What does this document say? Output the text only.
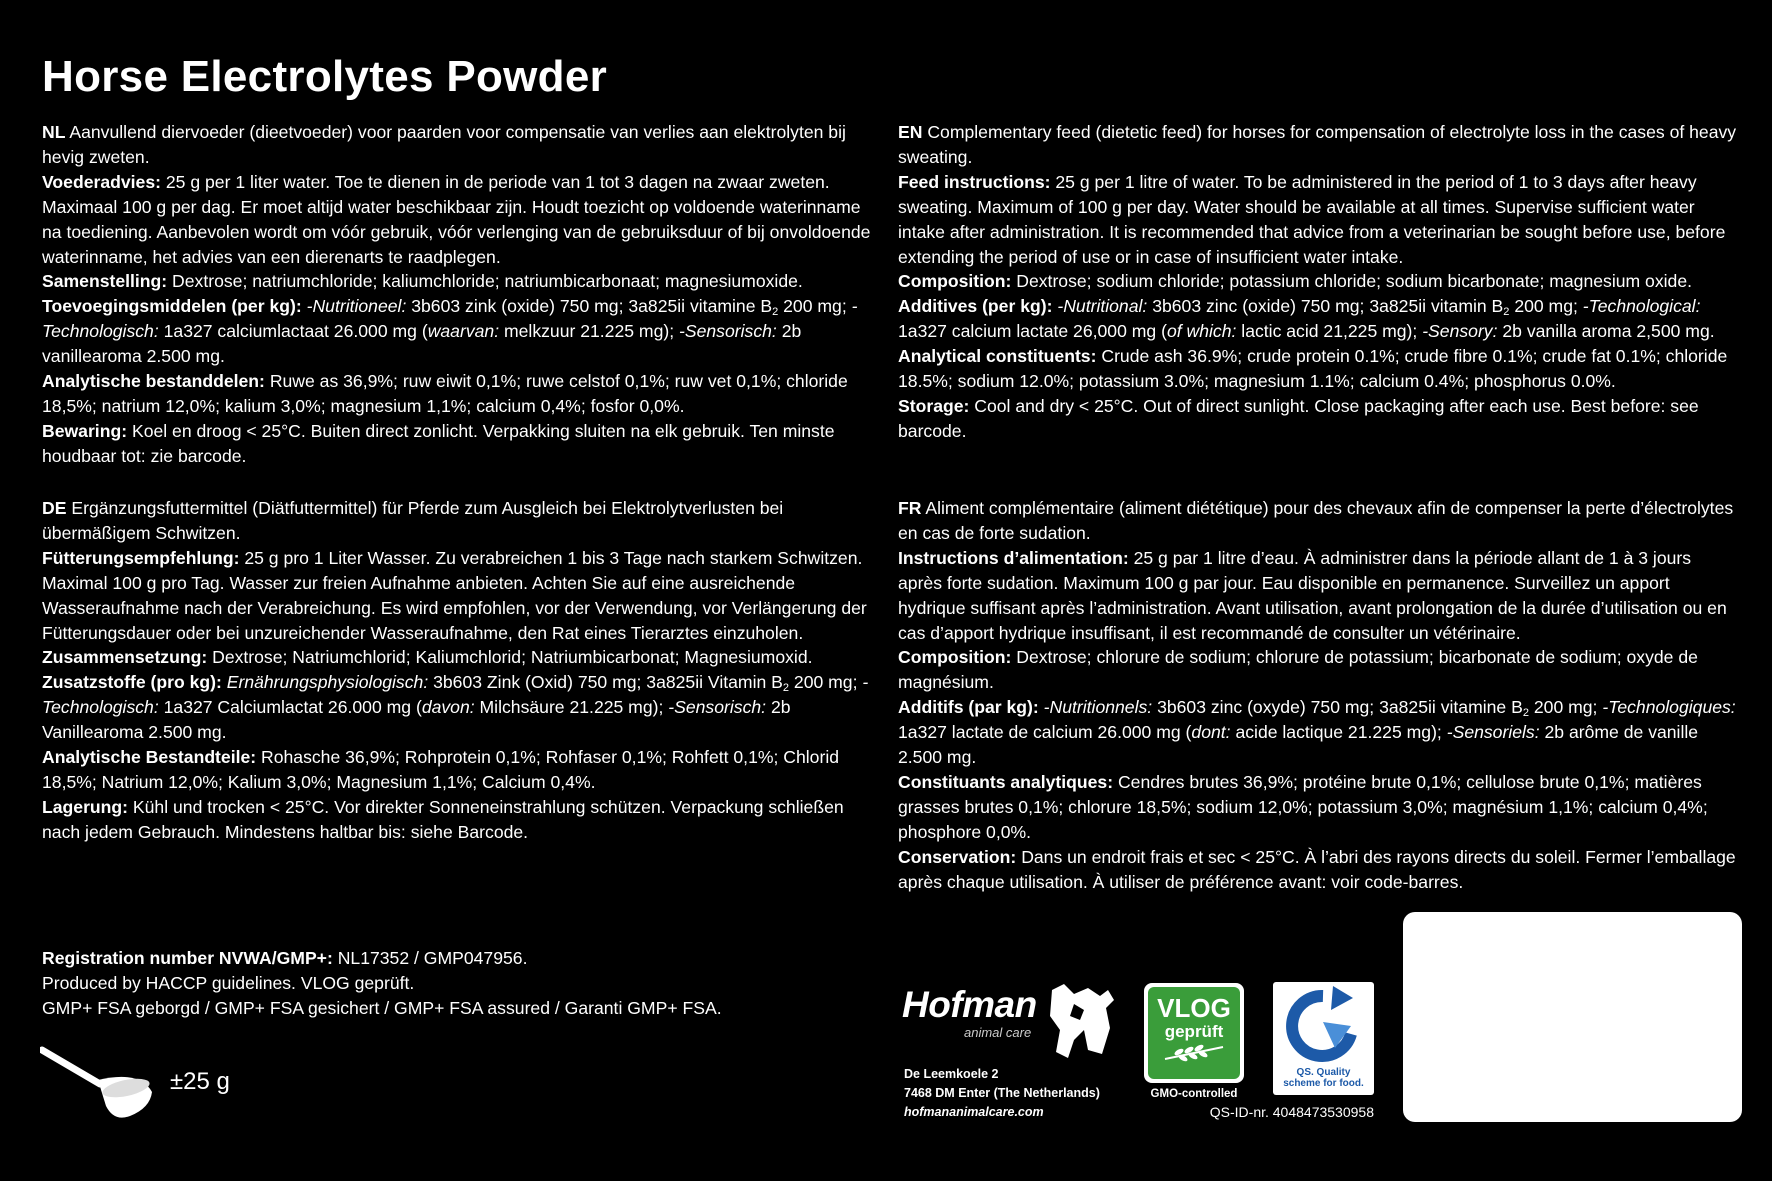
Horse Electrolytes Powder

NL Aanvullend diervoeder (dieetvoeder) voor paarden voor compensatie van verlies aan elektrolyten bij hevig zweten.

Voederadvies: 25 g per 1 liter water. Toe te dienen in de periode van 1 tot 3 dagen na zwaar zweten. Maximaal 100 g per dag. Er moet altijd water beschikbaar zijn. Houdt toezicht op voldoende waterinname na toediening. Aanbevolen wordt om vóór gebruik, vóór verlenging van de gebruiksduur of bij onvoldoende waterinname, het advies van een dierenarts te raadplegen.

Samenstelling: Dextrose; natriumchloride; kaliumchloride; natriumbicarbonaat; magnesiumoxide.

Toevoegingsmiddelen (per kg): -Nutritioneel: 3b603 zink (oxide) 750 mg; 3a825ii vitamine $B_2$ 200 mg; -Technologisch: 1a327 calciumlactaat 26.000 mg (waarvan: melkzuur 21.225 mg); -Sensorisch: 2b vanillearoma 2.500 mg.

Analytische bestanddelen: Ruwe as 36,9%; ruw eiwit 0,1%; ruwe celstof 0,1%; ruw vet 0,1%; chloride 18,5%; natrium 12,0%; kalium 3,0%; magnesium 1,1%; calcium 0,4%; fosfor 0,0%.

Bewaring: Koel en droog < 25°C. Buiten direct zonlicht. Verpakking sluiten na elk gebruik. Ten minste houdbaar tot: zie barcode.

EN Complementary feed (dietetic feed) for horses for compensation of electrolyte loss in the cases of heavy sweating.

Feed instructions: 25 g per 1 litre of water. To be administered in the period of 1 to 3 days after heavy sweating. Maximum of 100 g per day. Water should be available at all times. Supervise sufficient water intake after administration. It is recommended that advice from a veterinarian be sought before use, before extending the period of use or in case of insufficient water intake.

Composition: Dextrose; sodium chloride; potassium chloride; sodium bicarbonate; magnesium oxide.

Additives (per kg): -Nutritional: 3b603 zinc (oxide) 750 mg; 3a825ii vitamin $B_2$ 200 mg; -Technological: 1a327 calcium lactate 26,000 mg (of which: lactic acid 21,225 mg); -Sensory: 2b vanilla aroma 2,500 mg.

Analytical constituents: Crude ash 36.9%; crude protein 0.1%; crude fibre 0.1%; crude fat 0.1%; chloride 18.5%; sodium 12.0%; potassium 3.0%; magnesium 1.1%; calcium 0.4%; phosphorus 0.0%.

Storage: Cool and dry < 25°C. Out of direct sunlight. Close packaging after each use. Best before: see barcode.

DE Ergänzungsfuttermittel (Diätfuttermittel) für Pferde zum Ausgleich bei Elektrolytverlusten bei übermäßigem Schwitzen.

Fütterungsempfehlung: 25 g pro 1 Liter Wasser. Zu verabreichen 1 bis 3 Tage nach starkem Schwitzen. Maximal 100 g pro Tag. Wasser zur freien Aufnahme anbieten. Achten Sie auf eine ausreichende Wasseraufnahme nach der Verabreichung. Es wird empfohlen, vor der Verwendung, vor Verlängerung der Fütterungsdauer oder bei unzureichender Wasseraufnahme, den Rat eines Tierarztes einzuholen.

Zusammensetzung: Dextrose; Natriumchlorid; Kaliumchlorid; Natriumbicarbonat; Magnesiumoxid.

Zusatzstoffe (pro kg): Ernährungsphysiologisch: 3b603 Zink (Oxid) 750 mg; 3a825ii Vitamin $B_2$ 200 mg; -Technologisch: 1a327 Calciumlactat 26.000 mg (davon: Milchsäure 21.225 mg); -Sensorisch: 2b Vanillearoma 2.500 mg.

Analytische Bestandteile: Rohasche 36,9%; Rohprotein 0,1%; Rohfaser 0,1%; Rohfett 0,1%; Chlorid 18,5%; Natrium 12,0%; Kalium 3,0%; Magnesium 1,1%; Calcium 0,4%.

Lagerung: Kühl und trocken < 25°C. Vor direkter Sonneneinstrahlung schützen. Verpackung schließen nach jedem Gebrauch. Mindestens haltbar bis: siehe Barcode.

FR Aliment complémentaire (aliment diététique) pour des chevaux afin de compenser la perte d’électrolytes en cas de forte sudation.

Instructions d’alimentation: 25 g par 1 litre d’eau. À administrer dans la période allant de 1 à 3 jours après forte sudation. Maximum 100 g par jour. Eau disponible en permanence. Surveillez un apport hydrique suffisant après l’administration. Avant utilisation, avant prolongation de la durée d’utilisation ou en cas d’apport hydrique insuffisant, il est recommandé de consulter un vétérinaire.

Composition: Dextrose; chlorure de sodium; chlorure de potassium; bicarbonate de sodium; oxyde de magnésium.

Additifs (par kg): -Nutritionnels: 3b603 zinc (oxyde) 750 mg; 3a825ii vitamine $B_2$ 200 mg; -Technologiques: 1a327 lactate de calcium 26.000 mg (dont: acide lactique 21.225 mg); -Sensoriels: 2b arôme de vanille 2.500 mg.

Constituants analytiques: Cendres brutes 36,9%; protéine brute 0,1%; cellulose brute 0,1%; matières grasses brutes 0,1%; chlorure 18,5%; sodium 12,0%; potassium 3,0%; magnésium 1,1%; calcium 0,4%; phosphore 0,0%.

Conservation: Dans un endroit frais et sec < 25°C. À l’abri des rayons directs du soleil. Fermer l’emballage après chaque utilisation. À utiliser de préférence avant: voir code-barres.

Registration number NVWA/GMP+: NL17352 / GMP047956.

Produced by HACCP guidelines. VLOG geprüft.

GMP+ FSA geborgd / GMP+ FSA gesichert / GMP+ FSA assured / Garanti GMP+ FSA.

±25 g
Hofman
animal care
De Leemkoele 2
7468 DM Enter (The Netherlands)
hofmananimalcare.com
VLOG
geprüft
GMO-controlled
QS. Quality
scheme for food.
QS-ID-nr. 4048473530958
